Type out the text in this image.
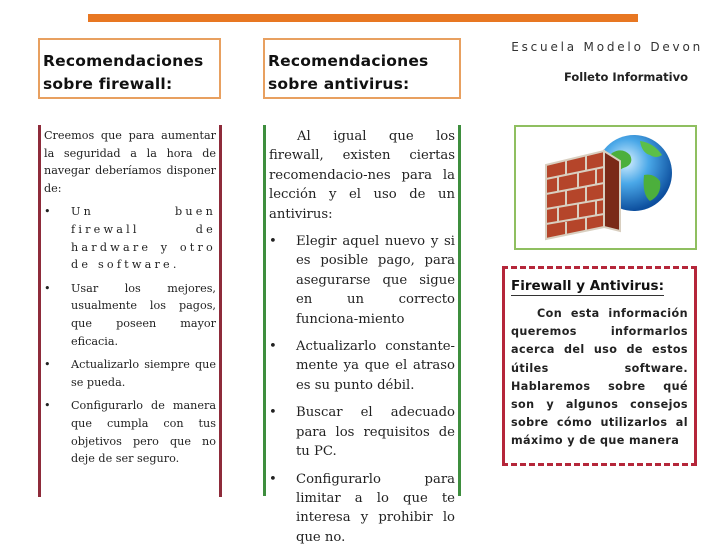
Recomendaciones sobre firewall:
Creemos que para aumentar la seguridad a la hora de navegar deberíamos disponer de:
• Un buen firewall de hardware y otro de software.
• Usar los mejores, usualmente los pagos, que poseen mayor eficacia.
• Actualizarlo siempre que se pueda.
• Configurarlo de manera que cumpla con tus objetivos pero que no deje de ser seguro.
Recomendaciones sobre antivirus:
Al igual que los firewall, existen ciertas recomendacio-nes para la lección y el uso de un antivirus:
• Elegir aquel nuevo y si es posible pago, para asegurarse que sigue en un correcto funciona-miento
• Actualizarlo constante-mente ya que el atraso es su punto débil.
• Buscar el adecuado para los requisitos de tu PC.
• Configurarlo para limitar a lo que te interesa y prohibir lo que no.
Escuela Modelo Devon
Folleto Informativo
Firewall y Antivirus:
Con esta información queremos informarlos acerca del uso de estos útiles software. Hablaremos sobre qué son y algunos consejos sobre cómo utilizarlos al máximo y de que manera
